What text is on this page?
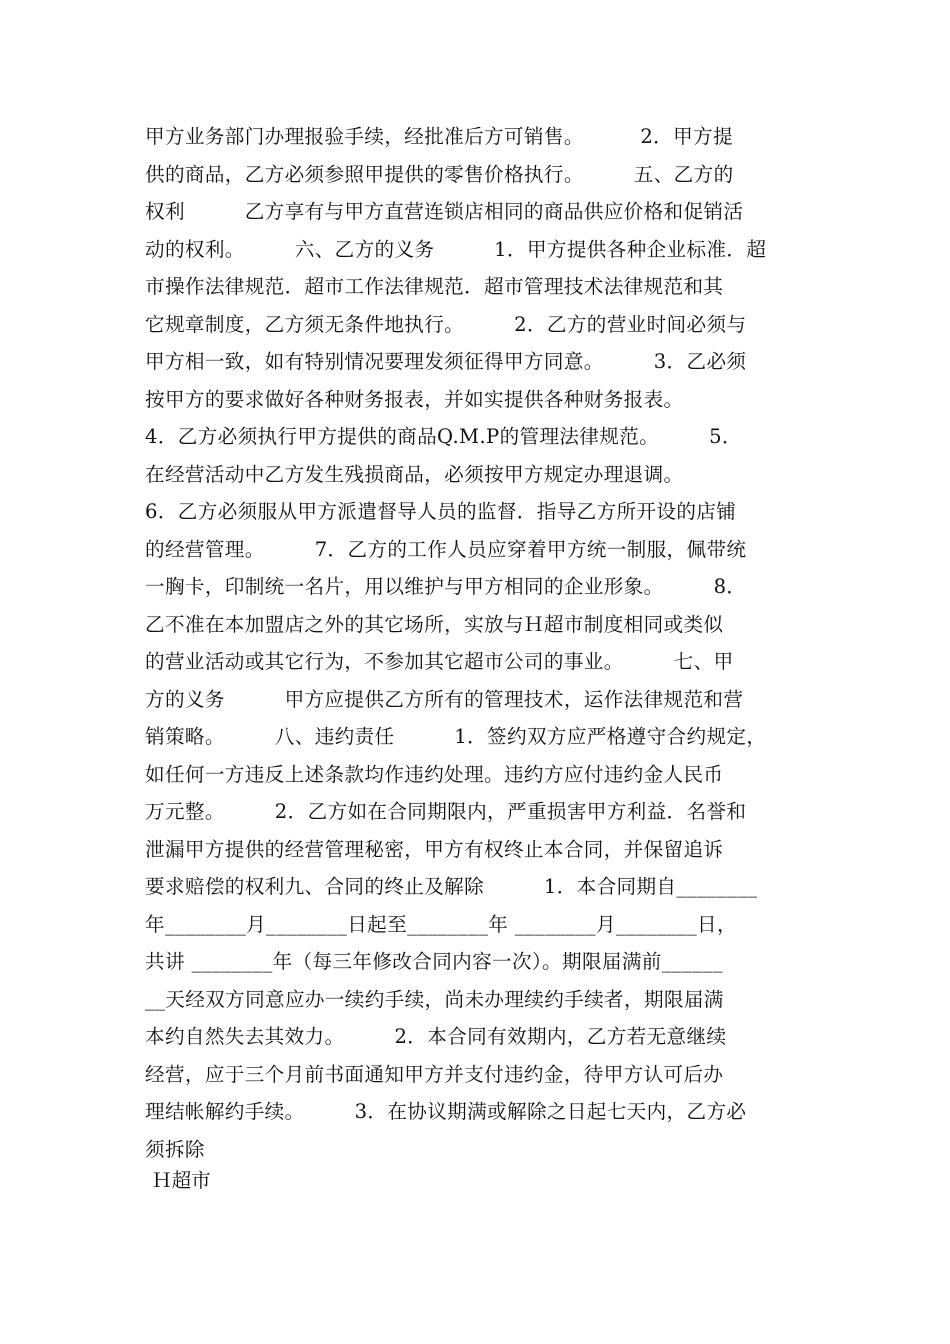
甲方业务部门办理报验手续，经批准后方可销售。　　　 2．甲方提
供的商品，乙方必须参照甲提供的零售价格执行。　　　五、乙方的
权利　　　乙方享有与甲方直营连锁店相同的商品供应价格和促销活
动的权利。　　　六、乙方的义务　　　1．甲方提供各种企业标准．超
市操作法律规范．超市工作法律规范．超市管理技术法律规范和其
它规章制度，乙方须无条件地执行。　　　2．乙方的营业时间必须与
甲方相一致，如有特别情况要理发须征得甲方同意。　　　3．乙必须
按甲方的要求做好各种财务报表，并如实提供各种财务报表。
4．乙方必须执行甲方提供的商品Q.M.P的管理法律规范。　　　5．
在经营活动中乙方发生残损商品，必须按甲方规定办理退调。
6．乙方必须服从甲方派遣督导人员的监督．指导乙方所开设的店铺
的经营管理。　　　7．乙方的工作人员应穿着甲方统一制服，佩带统
一胸卡，印制统一名片，用以维护与甲方相同的企业形象。　　　8．
乙不准在本加盟店之外的其它场所，实放与Ｈ超市制度相同或类似
的营业活动或其它行为，不参加其它超市公司的事业。　　　七、甲
方的义务　　　甲方应提供乙方所有的管理技术，运作法律规范和营
销策略。　　　八、违约责任　　　1．签约双方应严格遵守合约规定，
如任何一方违反上述条款均作违约处理。违约方应付违约金人民币
万元整。　　　2．乙方如在合同期限内，严重损害甲方利益．名誉和
泄漏甲方提供的经营管理秘密，甲方有权终止本合同，并保留追诉
要求赔偿的权利九、合同的终止及解除　　　1．本合同期自________
年________月________日起至________年 ________月________日，
共讲 ________年（每三年修改合同内容一次）。期限届满前______
__天经双方同意应办一续约手续，尚未办理续约手续者，期限届满
本约自然失去其效力。　　　2．本合同有效期内，乙方若无意继续
经营，应于三个月前书面通知甲方并支付违约金，待甲方认可后办
理结帐解约手续。　　　3．在协议期满或解除之日起七天内，乙方必
须拆除
Ｈ超市
